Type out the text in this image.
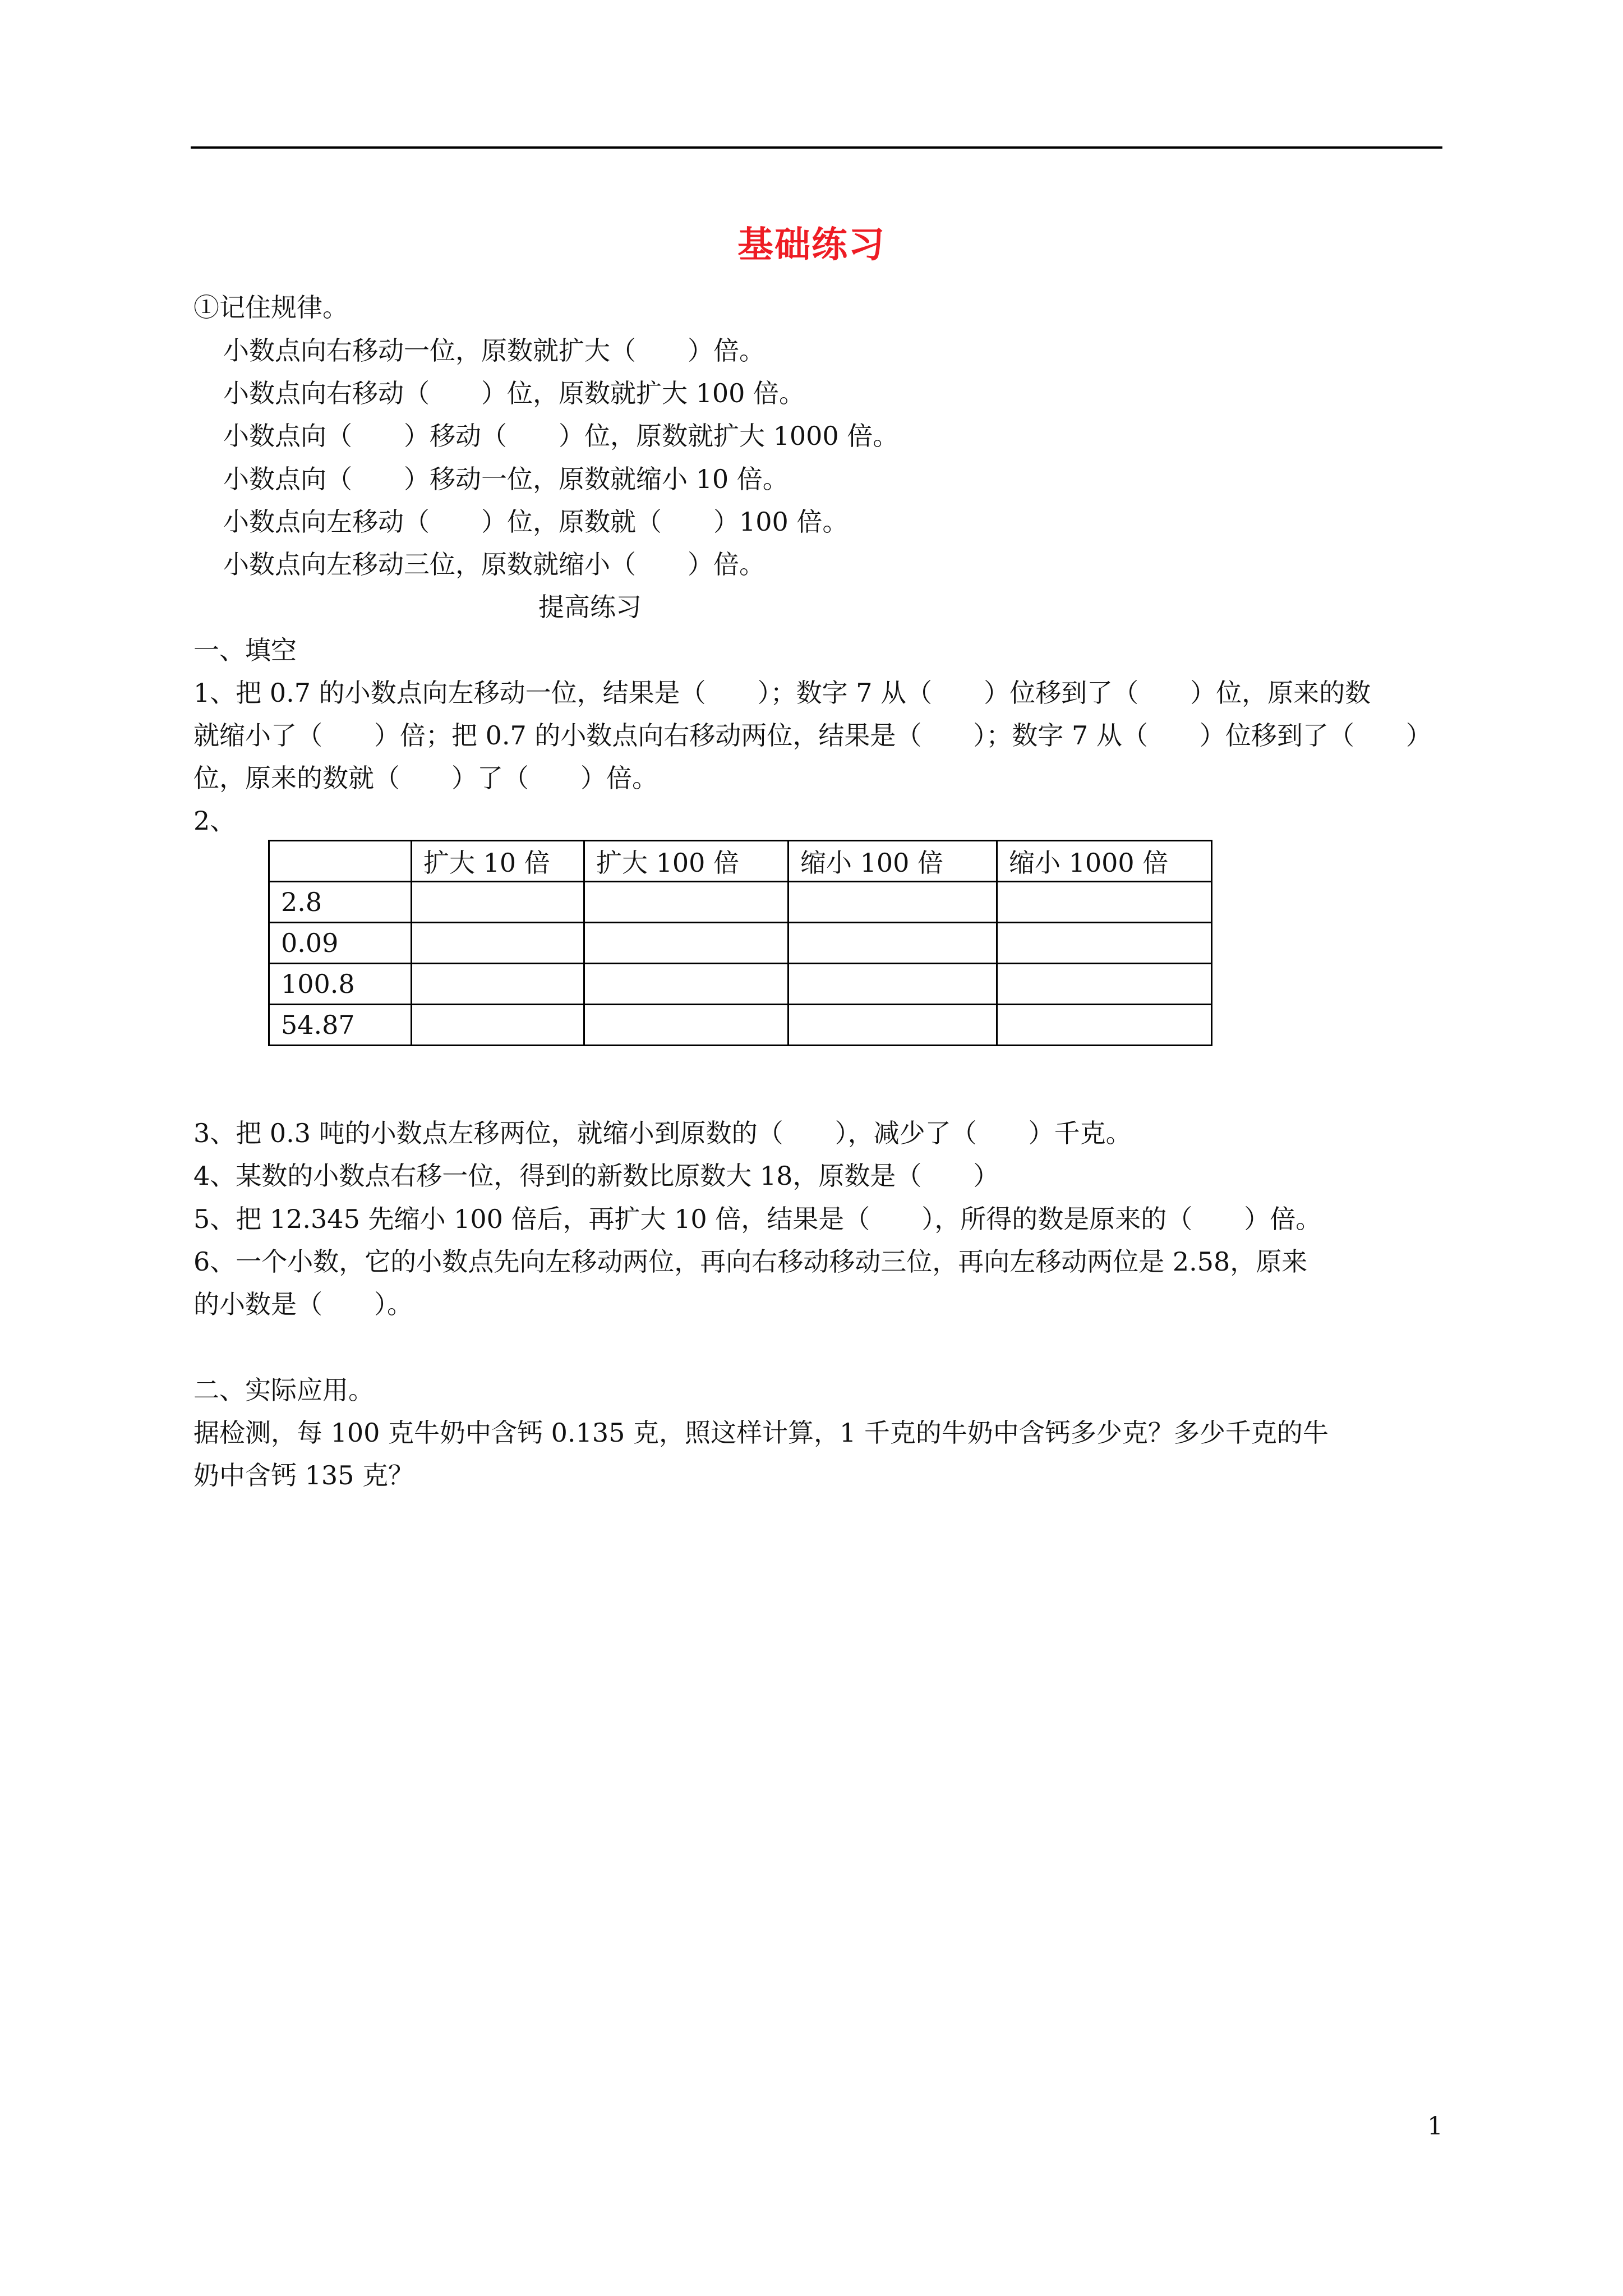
基础练习
①记住规律。
小数点向右移动一位，原数就扩大（　　）倍。
小数点向右移动（　　）位，原数就扩大 100 倍。
小数点向（　　）移动（　　）位，原数就扩大 1000 倍。
小数点向（　　）移动一位，原数就缩小 10 倍。
小数点向左移动（　　）位，原数就（　　）100 倍。
小数点向左移动三位，原数就缩小（　　）倍。
提高练习
一、填空
1、把 0.7 的小数点向左移动一位，结果是（　　）；数字 7 从（　　）位移到了（　　）位，原来的数
就缩小了（　　）倍；把 0.7 的小数点向右移动两位，结果是（　　）；数字 7 从（　　）位移到了（　　）
位，原来的数就（　　）了（　　）倍。
2、
	扩大 10 倍	扩大 100 倍	缩小 100 倍	缩小 1000 倍
2.8				
0.09				
100.8				
54.87				
3、把 0.3 吨的小数点左移两位，就缩小到原数的（　　），减少了（　　）千克。
4、某数的小数点右移一位，得到的新数比原数大 18，原数是（　　）
5、把 12.345 先缩小 100 倍后，再扩大 10 倍，结果是（　　），所得的数是原来的（　　）倍。
6、一个小数，它的小数点先向左移动两位，再向右移动移动三位，再向左移动两位是 2.58，原来
的小数是（　　）。
二、实际应用。
据检测，每 100 克牛奶中含钙 0.135 克，照这样计算，1 千克的牛奶中含钙多少克？多少千克的牛
奶中含钙 135 克？
1
